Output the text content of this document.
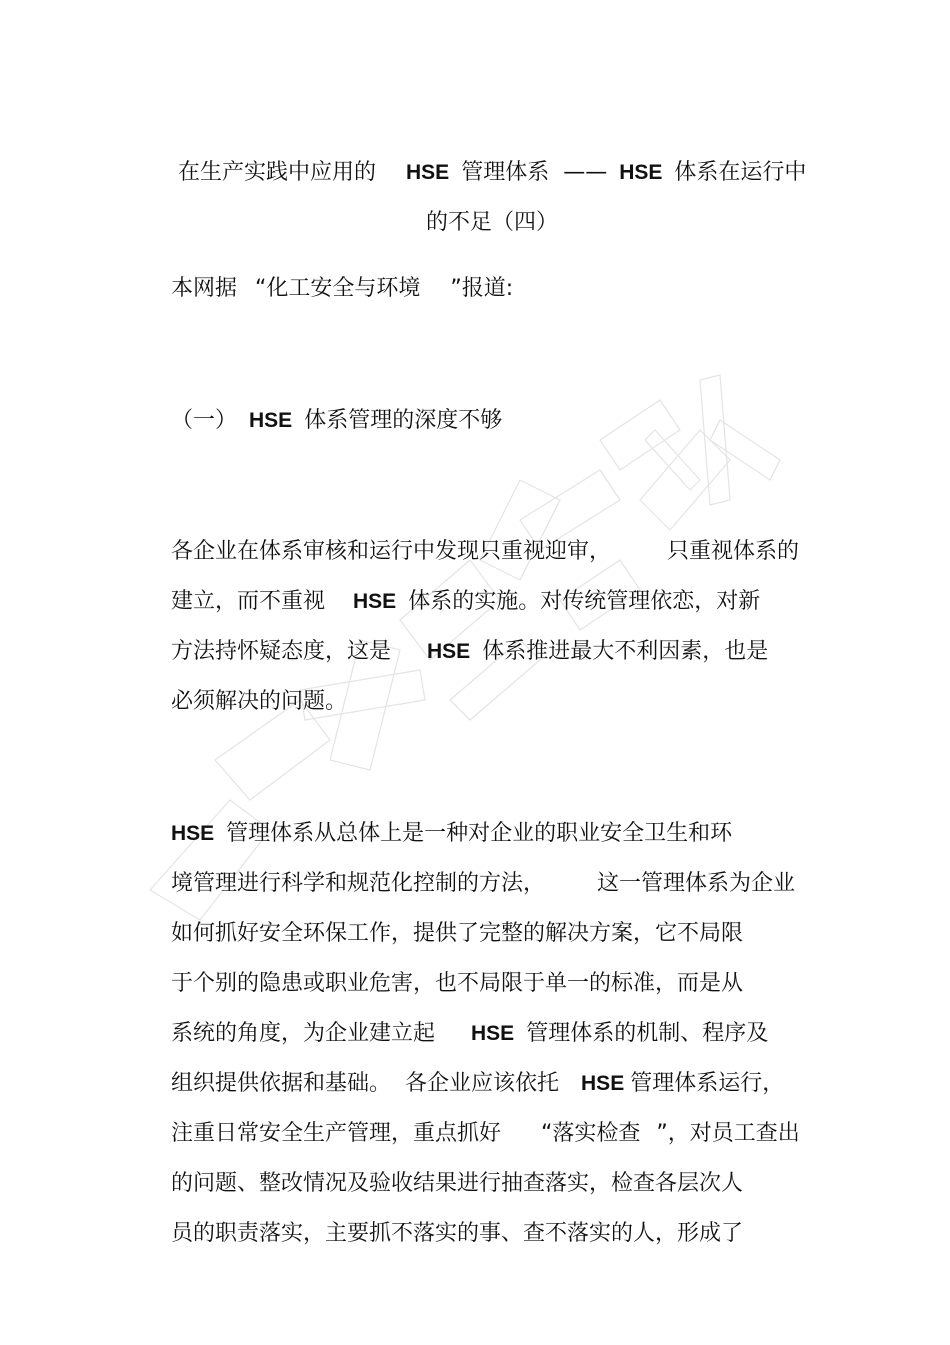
在生产实践中应用的 HSE 管理体系 —— HSE 体系在运行中

的不足（四）

本网据 “化工安全与环境 ”报道:

（一） HSE 体系管理的深度不够

各企业在体系审核和运行中发现只重视迎审，	只重视体系的

建立，而不重视 HSE 体系的实施。对传统管理依恋，对新

方法持怀疑态度，这是 HSE 体系推进最大不利因素，也是

必须解决的问题。

HSE 管理体系从总体上是一种对企业的职业安全卫生和环

境管理进行科学和规范化控制的方法， 这一管理体系为企业

如何抓好安全环保工作，提供了完整的解决方案，它不局限

于个别的隐患或职业危害，也不局限于单一的标准，而是从

系统的角度，为企业建立起 HSE 管理体系的机制、程序及

组织提供依据和基础。 各企业应该依托 HSE 管理体系运行，

注重日常安全生产管理，重点抓好 “落实检查 ”，对员工查出

的问题、整改情况及验收结果进行抽查落实，检查各层次人

员的职责落实，主要抓不落实的事、查不落实的人，形成了
